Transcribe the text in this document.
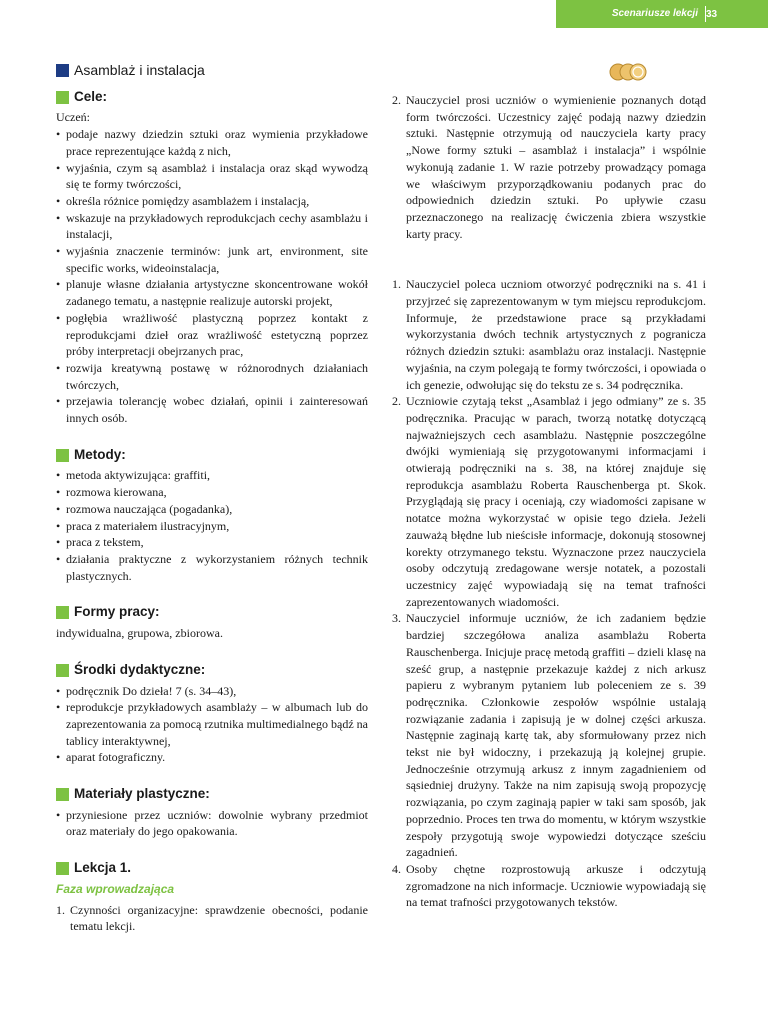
Scenariusze lekcji 33
Asamblaż i instalacja
Cele:

Uczeń:

• podaje nazwy dziedzin sztuki oraz wymienia przykładowe prace reprezentujące każdą z nich,
• wyjaśnia, czym są asamblaż i instalacja oraz skąd wywodzą się te formy twórczości,
• określa różnice pomiędzy asamblażem i instalacją,
• wskazuje na przykładowych reprodukcjach cechy asamblażu i instalacji,
• wyjaśnia znaczenie terminów: junk art, environment, site specific works, wideoinstalacja,
• planuje własne działania artystyczne skoncentrowane wokół zadanego tematu, a następnie realizuje autorski projekt,
• pogłębia wrażliwość plastyczną poprzez kontakt z reprodukcjami dzieł oraz wrażliwość estetyczną poprzez próby interpretacji obejrzanych prac,
• rozwija kreatywną postawę w różnorodnych działaniach twórczych,
• przejawia tolerancję wobec działań, opinii i zainteresowań innych osób.
Metody:
• metoda aktywizująca: graffiti,
• rozmowa kierowana,
• rozmowa nauczająca (pogadanka),
• praca z materiałem ilustracyjnym,
• praca z tekstem,
• działania praktyczne z wykorzystaniem różnych technik plastycznych.
Formy pracy:

indywidualna, grupowa, zbiorowa.

Środki dydaktyczne:
• podręcznik Do dzieła! 7 (s. 34–43),
• reprodukcje przykładowych asamblaży – w albumach lub do zaprezentowania za pomocą rzutnika multimedialnego bądź na tablicy interaktywnej,
• aparat fotograficzny.
Materiały plastyczne:
• przyniesione przez uczniów: dowolnie wybrany przedmiot oraz materiały do jego opakowania.
Lekcja 1.
Faza wprowadzająca
1. Czynności organizacyjne: sprawdzenie obecności, podanie tematu lekcji.
2. Nauczyciel prosi uczniów o wymienienie poznanych dotąd form twórczości. Uczestnicy zajęć podają nazwy dziedzin sztuki. Następnie otrzymują od nauczyciela karty pracy „Nowe formy sztuki – asamblaż i instalacja” i wspólnie wykonują zadanie 1. W razie potrzeby prowadzący pomaga we właściwym przyporządkowaniu podanych prac do odpowiednich dziedzin sztuki. Po upływie czasu przeznaczonego na realizację ćwiczenia zbiera wszystkie karty pracy.
1. Nauczyciel poleca uczniom otworzyć podręczniki na s. 41 i przyjrzeć się zaprezentowanym w tym miejscu reprodukcjom. Informuje, że przedstawione prace są przykładami wykorzystania dwóch technik artystycznych z pogranicza różnych dziedzin sztuki: asamblażu oraz instalacji. Następnie wyjaśnia, na czym polegają te formy twórczości, i opowiada o ich genezie, odwołując się do tekstu ze s. 34 podręcznika.
2. Uczniowie czytają tekst „Asamblaż i jego odmiany” ze s. 35 podręcznika. Pracując w parach, tworzą notatkę dotyczącą najważniejszych cech asamblażu. Następnie poszczególne dwójki wymieniają się przygotowanymi informacjami i otwierają podręczniki na s. 38, na której znajduje się reprodukcja asamblażu Roberta Rauschenberga pt. Skok. Przyglądają się pracy i oceniają, czy wiadomości zapisane w notatce można wykorzystać w opisie tego dzieła. Jeżeli zauważą błędne lub nieścisłe informacje, dokonują stosownej korekty otrzymanego tekstu. Wyznaczone przez nauczyciela osoby odczytują zredagowane wersje notatek, a pozostali uczestnicy zajęć wypowiadają się na temat trafności zaprezentowanych wiadomości.
3. Nauczyciel informuje uczniów, że ich zadaniem będzie bardziej szczegółowa analiza asamblażu Roberta Rauschenberga. Inicjuje pracę metodą graffiti – dzieli klasę na sześć grup, a następnie przekazuje każdej z nich arkusz papieru z wybranym pytaniem lub poleceniem ze s. 39 podręcznika. Członkowie zespołów wspólnie ustalają rozwiązanie zadania i zapisują je w dolnej części arkusza. Następnie zaginają kartę tak, aby sformułowany przez nich tekst nie był widoczny, i przekazują ją kolejnej grupie. Jednocześnie otrzymują arkusz z innym zagadnieniem od sąsiedniej drużyny. Także na nim zapisują swoją propozycję rozwiązania, po czym zaginają papier w taki sam sposób, jak poprzednio. Proces ten trwa do momentu, w którym wszystkie zespoły przygotują swoje wypowiedzi dotyczące sześciu zagadnień.
4. Osoby chętne rozprostowują arkusze i odczytują zgromadzone na nich informacje. Uczniowie wypowiadają się na temat trafności przygotowanych tekstów.
